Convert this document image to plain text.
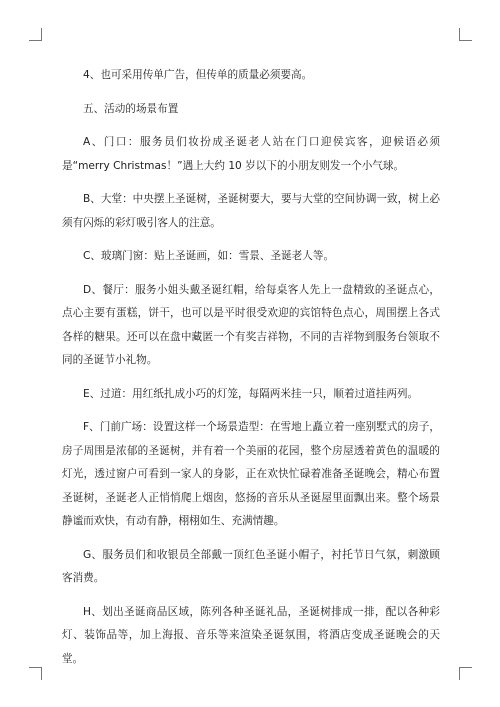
4、也可采用传单广告，但传单的质量必须要高。

五、活动的场景布置

A、门口：服务员们妆扮成圣诞老人站在门口迎侯宾客，迎候语必须是“merry Christmas！”遇上大约 10 岁以下的小朋友则发一个小气球。

B、大堂：中央摆上圣诞树，圣诞树要大，要与大堂的空间协调一致，树上必须有闪烁的彩灯吸引客人的注意。

C、玻璃门窗：贴上圣诞画，如：雪景、圣诞老人等。

D、餐厅：服务小姐头戴圣诞红帽，给每桌客人先上一盘精致的圣诞点心，点心主要有蛋糕，饼干，也可以是平时很受欢迎的宾馆特色点心，周围摆上各式各样的糖果。还可以在盘中藏匿一个有奖吉祥物，不同的吉祥物到服务台领取不同的圣诞节小礼物。

E、过道：用红纸扎成小巧的灯笼，每隔两米挂一只，顺着过道挂两列。

F、门前广场：设置这样一个场景造型：在雪地上矗立着一座别墅式的房子，房子周围是浓郁的圣诞树，并有着一个美丽的花园，整个房屋透着黄色的温暖的灯光，透过窗户可看到一家人的身影，正在欢快忙碌着准备圣诞晚会，精心布置圣诞树，圣诞老人正悄悄爬上烟囱，悠扬的音乐从圣诞屋里面飘出来。整个场景静谧而欢快，有动有静，栩栩如生、充满情趣。

G、服务员们和收银员全部戴一顶红色圣诞小帽子，衬托节日气氛，刺激顾客消费。

H、划出圣诞商品区域，陈列各种圣诞礼品，圣诞树排成一排，配以各种彩灯、装饰品等，加上海报、音乐等来渲染圣诞氛围，将酒店变成圣诞晚会的天堂。
